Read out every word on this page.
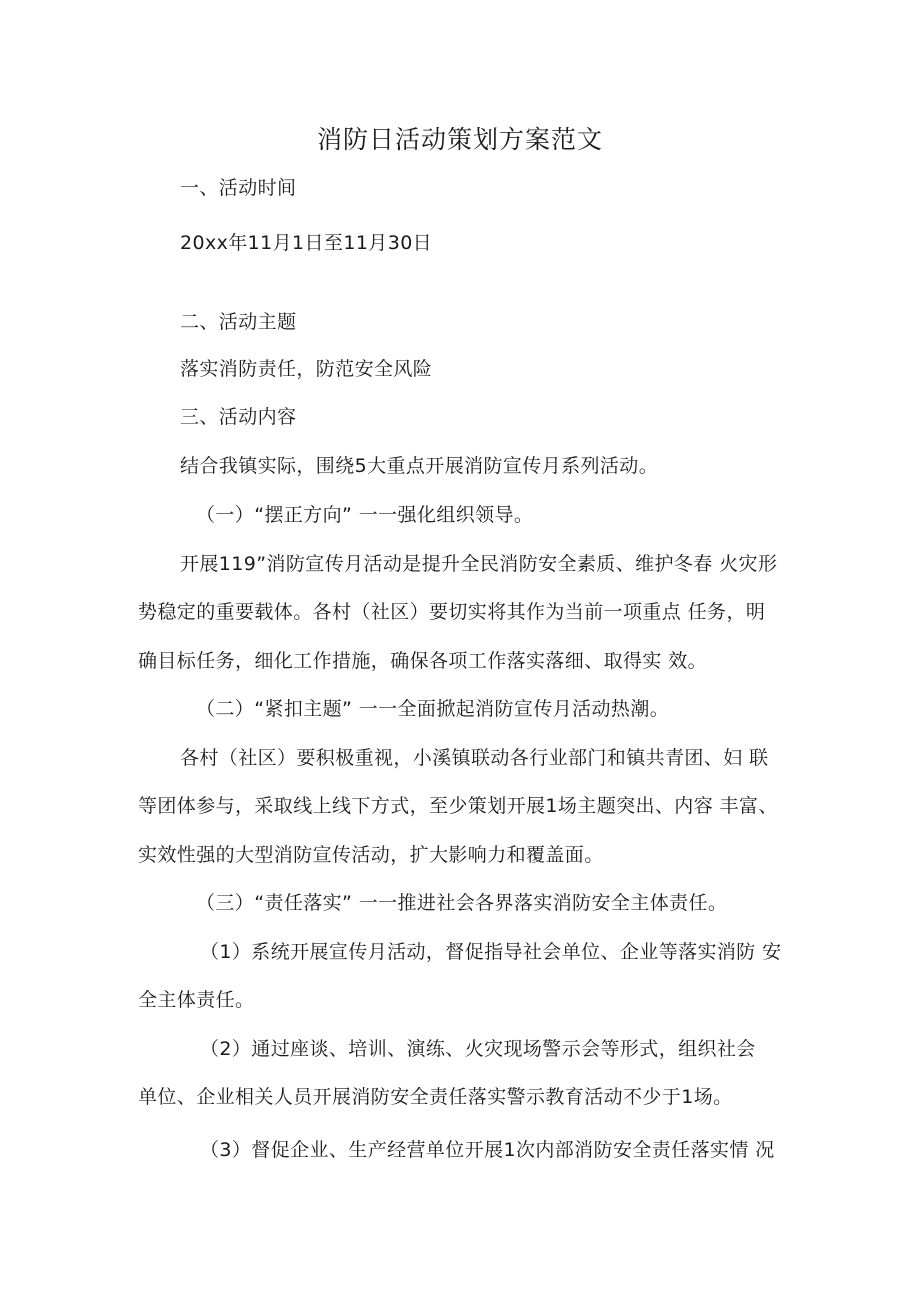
消防日活动策划方案范文
一、活动时间
20xx年11月1日至11月30日
二、活动主题
落实消防责任，防范安全风险
三、活动内容
结合我镇实际，围绕5大重点开展消防宣传月系列活动。
（一）“摆正方向” 一一强化组织领导。
开展119”消防宣传月活动是提升全民消防安全素质、维护冬春 火灾形
势稳定的重要载体。各村（社区）要切实将其作为当前一项重点 任务，明
确目标任务，细化工作措施，确保各项工作落实落细、取得实 效。
（二）“紧扣主题” 一一全面掀起消防宣传月活动热潮。
各村（社区）要积极重视，小溪镇联动各行业部门和镇共青团、妇 联
等团体参与，采取线上线下方式，至少策划开展1场主题突出、内容 丰富、
实效性强的大型消防宣传活动，扩大影响力和覆盖面。
（三）“责任落实” 一一推进社会各界落实消防安全主体责任。
（1）系统开展宣传月活动，督促指导社会单位、企业等落实消防 安
全主体责任。
（2）通过座谈、培训、演练、火灾现场警示会等形式，组织社会
单位、企业相关人员开展消防安全责任落实警示教育活动不少于1场。
（3）督促企业、生产经营单位开展1次内部消防安全责任落实情 况
